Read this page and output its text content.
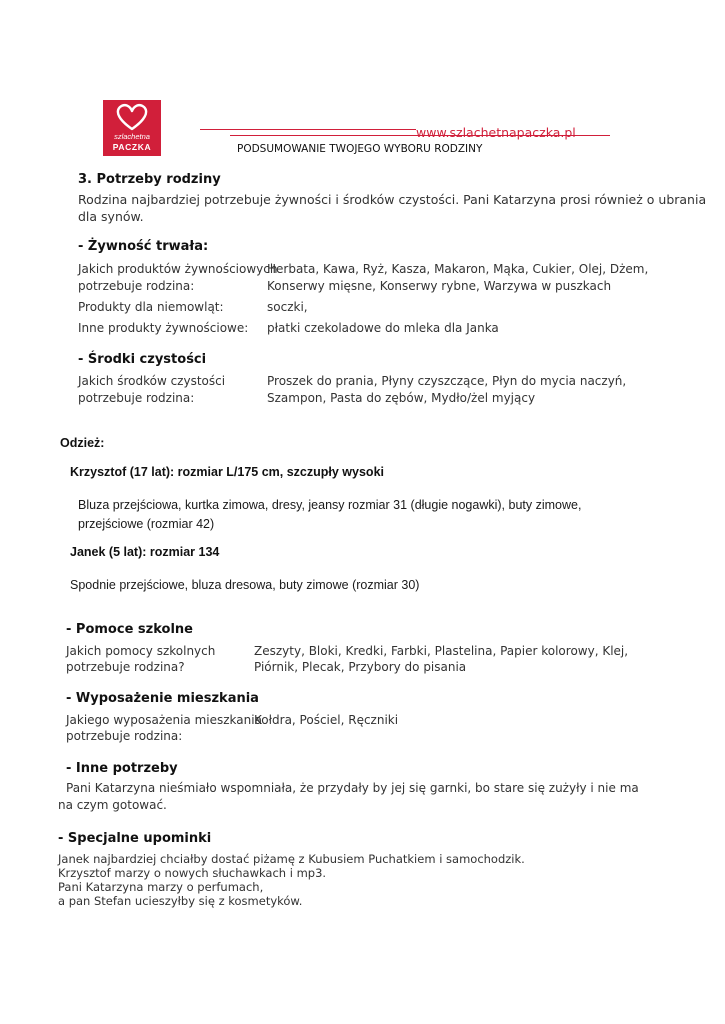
szlachetna
PACZKA
www.szlachetnapaczka.pl
PODSUMOWANIE TWOJEGO WYBORU RODZINY
3. Potrzeby rodziny
Rodzina najbardziej potrzebuje żywności i środków czystości. Pani Katarzyna prosi również o ubrania
dla synów.
- Żywność trwała:
Jakich produktów żywnościowych
potrzebuje rodzina:
Herbata, Kawa, Ryż, Kasza, Makaron, Mąka, Cukier, Olej, Dżem,
Konserwy mięsne, Konserwy rybne, Warzywa w puszkach
Produkty dla niemowląt:	soczki,
Inne produkty żywnościowe: płatki czekoladowe do mleka dla Janka
- Środki czystości
Jakich środków czystości
potrzebuje rodzina:
Proszek do prania, Płyny czyszczące, Płyn do mycia naczyń,
Szampon, Pasta do zębów, Mydło/żel myjący
Odzież:
Krzysztof (17 lat): rozmiar L/175 cm, szczupły wysoki
Bluza przejściowa, kurtka zimowa, dresy, jeansy rozmiar 31 (długie nogawki), buty zimowe,
przejściowe (rozmiar 42)
Janek (5 lat): rozmiar 134
Spodnie przejściowe, bluza dresowa, buty zimowe (rozmiar 30)
- Pomoce szkolne
Jakich pomocy szkolnych
potrzebuje rodzina?
Zeszyty, Bloki, Kredki, Farbki, Plastelina, Papier kolorowy, Klej,
Piórnik, Plecak, Przybory do pisania
- Wyposażenie mieszkania
Jakiego wyposażenia mieszkania
potrzebuje rodzina:
Kołdra, Pościel, Ręczniki
- Inne potrzeby
Pani Katarzyna nieśmiało wspomniała, że przydały by jej się garnki, bo stare się zużyły i nie ma
na czym gotować.
- Specjalne upominki
Janek najbardziej chciałby dostać piżamę z Kubusiem Puchatkiem i samochodzik.
Krzysztof marzy o nowych słuchawkach i mp3.
Pani Katarzyna marzy o perfumach,
a pan Stefan ucieszyłby się z kosmetyków.
